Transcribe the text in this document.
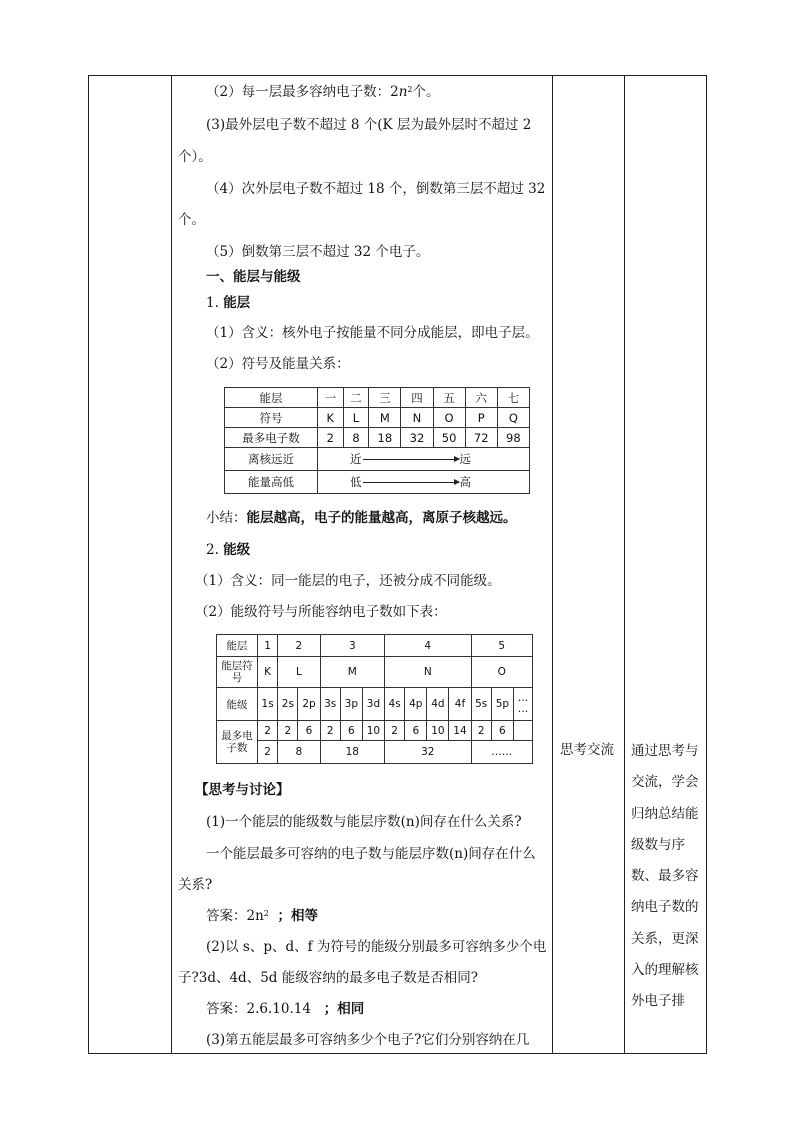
（2）每一层最多容纳电子数：$2n^2$个。
(3)最外层电子数不超过 8 个(K 层为最外层时不超过 2
个）。
（4）次外层电子数不超过 18 个，倒数第三层不超过 32
个。
（5）倒数第三层不超过 32 个电子。
一、能层与能级
1. 能层
（1）含义：核外电子按能量不同分成能层，即电子层。
（2）符号及能量关系：
能层	一	二	三	四	五	六	七
符号	K	L	M	N	O	P	Q
最多电子数	2	8	18	32	50	72	98
离核远近	近 远						
能量高低	低 高						
小结：能层越高，电子的能量越高，离原子核越远。
2. 能级
（1）含义：同一能层的电子，还被分成不同能级。
（2）能级符号与所能容纳电子数如下表：
能层	1	2		3			4				5		
能层符号	K	L		M			N				O		
能级	1s	2s	2p	3s	3p	3d	4s	4p	4d	4f	5s	5p	…
…
最多电子数	2	2	6	2	6	10	2	6	10	14	2	6	
	2	8		18			32				……		
【思考与讨论】
(1)一个能层的能级数与能层序数(n)间存在什么关系?
一个能层最多可容纳的电子数与能层序数(n)间存在什么
关系?
答案：$2n^2$ ；相等
(2)以 s、p、d、f 为符号的能级分别最多可容纳多少个电
子?3d、4d、5d 能级容纳的最多电子数是否相同?
答案：2.6.10.14 ；相同
(3)第五能层最多可容纳多少个电子?它们分别容纳在几
思考交流 通过思考与交流，学会归纳总结能级数与序数、最多容纳电子数的关系，更深入的理解核外电子排
